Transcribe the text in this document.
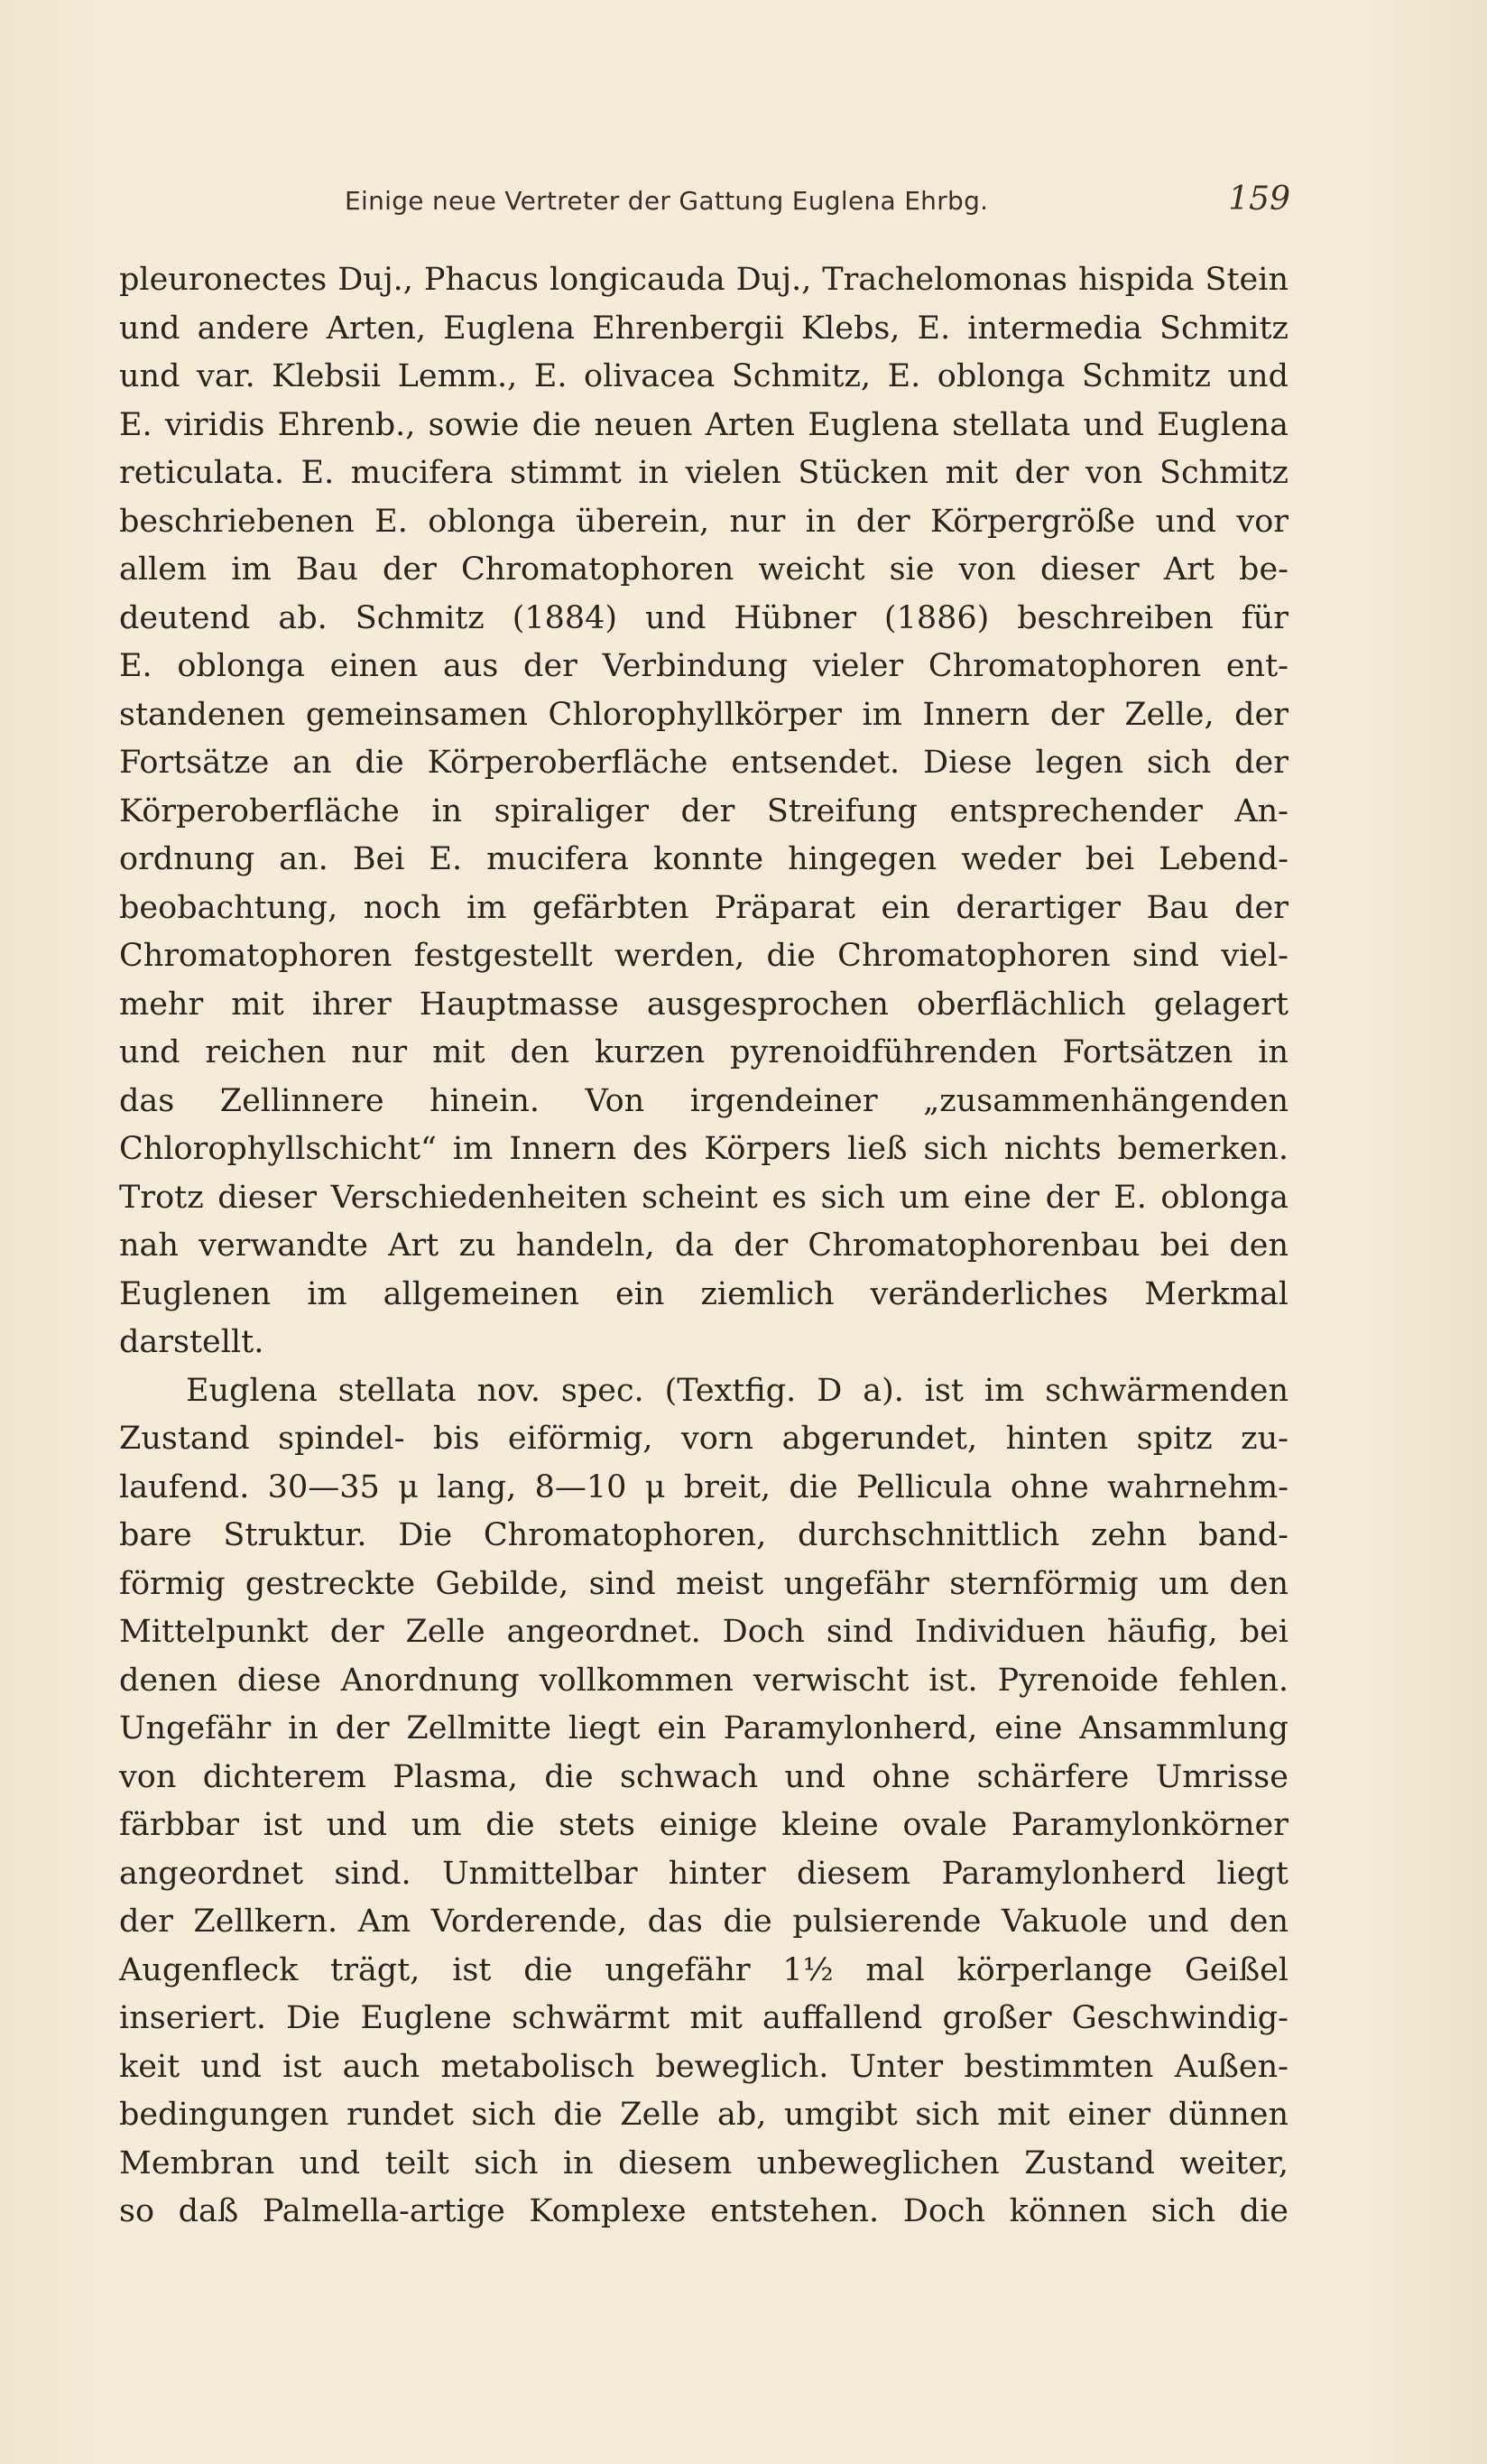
Einige neue Vertreter der Gattung Euglena Ehrbg.	159

pleuronectes Duj., Phacus longicauda Duj., Trachelomonas hispida Stein

und andere Arten, Euglena Ehrenbergii Klebs, E. intermedia Schmitz

und var. Klebsii Lemm., E. olivacea Schmitz, E. oblonga Schmitz und

E. viridis Ehrenb., sowie die neuen Arten Euglena stellata und Euglena

reticulata. E. mucifera stimmt in vielen Stücken mit der von Schmitz

beschriebenen E. oblonga überein, nur in der Körpergröße und vor

allem im Bau der Chromatophoren weicht sie von dieser Art be-

deutend ab. Schmitz (1884) und Hübner (1886) beschreiben für

E. oblonga einen aus der Verbindung vieler Chromatophoren ent-

standenen gemeinsamen Chlorophyllkörper im Innern der Zelle, der

Fortsätze an die Körperoberfläche entsendet. Diese legen sich der

Körperoberfläche in spiraliger der Streifung entsprechender An-

ordnung an. Bei E. mucifera konnte hingegen weder bei Lebend-

beobachtung, noch im gefärbten Präparat ein derartiger Bau der

Chromatophoren festgestellt werden, die Chromatophoren sind viel-

mehr mit ihrer Hauptmasse ausgesprochen oberflächlich gelagert

und reichen nur mit den kurzen pyrenoidführenden Fortsätzen in

das Zellinnere hinein. Von irgendeiner „zusammenhängenden

Chlorophyllschicht“ im Innern des Körpers ließ sich nichts bemerken.

Trotz dieser Verschiedenheiten scheint es sich um eine der E. oblonga

nah verwandte Art zu handeln, da der Chromatophorenbau bei den

Euglenen im allgemeinen ein ziemlich veränderliches Merkmal

darstellt.

Euglena stellata nov. spec. (Textfig. D a). ist im schwärmenden

Zustand spindel- bis eiförmig, vorn abgerundet, hinten spitz zu-

laufend. 30—35 μ lang, 8—10 μ breit, die Pellicula ohne wahrnehm-

bare Struktur. Die Chromatophoren, durchschnittlich zehn band-

förmig gestreckte Gebilde, sind meist ungefähr sternförmig um den

Mittelpunkt der Zelle angeordnet. Doch sind Individuen häufig, bei

denen diese Anordnung vollkommen verwischt ist. Pyrenoide fehlen.

Ungefähr in der Zellmitte liegt ein Paramylonherd, eine Ansammlung

von dichterem Plasma, die schwach und ohne schärfere Umrisse

färbbar ist und um die stets einige kleine ovale Paramylonkörner

angeordnet sind. Unmittelbar hinter diesem Paramylonherd liegt

der Zellkern. Am Vorderende, das die pulsierende Vakuole und den

Augenfleck trägt, ist die ungefähr 1½ mal körperlange Geißel

inseriert. Die Euglene schwärmt mit auffallend großer Geschwindig-

keit und ist auch metabolisch beweglich. Unter bestimmten Außen-

bedingungen rundet sich die Zelle ab, umgibt sich mit einer dünnen

Membran und teilt sich in diesem unbeweglichen Zustand weiter,

so daß Palmella-artige Komplexe entstehen. Doch können sich die
